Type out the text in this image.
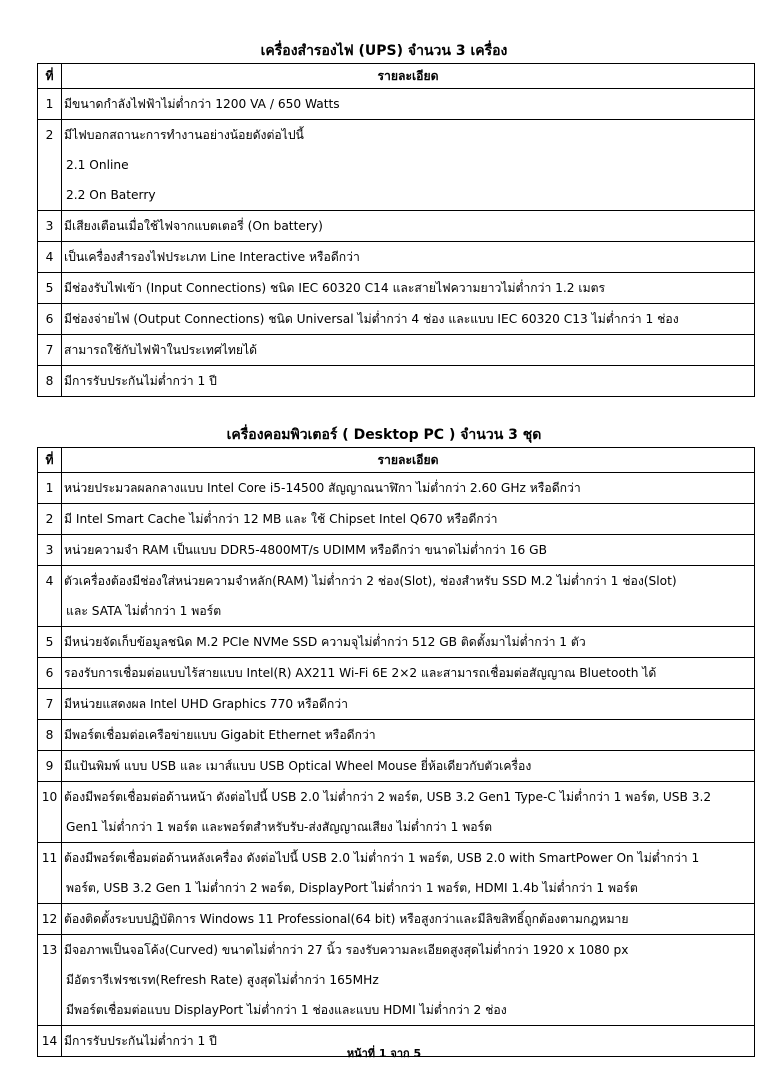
เครื่องสำรองไฟ (UPS) จำนวน 3 เครื่อง
ที่	รายละเอียด

1	มีขนาดกำลังไฟฟ้าไม่ต่ำกว่า 1200 VA / 650 Watts

2	มีไฟบอกสถานะการทำงานอย่างน้อยดังต่อไปนี้
2.1 Online
2.2 On Baterry

3	มีเสียงเตือนเมื่อใช้ไฟจากแบตเตอรี่ (On battery)

4	เป็นเครื่องสำรองไฟประเภท Line Interactive หรือดีกว่า

5	มีช่องรับไฟเข้า (Input Connections) ชนิด IEC 60320 C14 และสายไฟความยาวไม่ต่ำกว่า 1.2 เมตร

6	มีช่องจ่ายไฟ (Output Connections) ชนิด Universal ไม่ต่ำกว่า 4 ช่อง และแบบ IEC 60320 C13 ไม่ต่ำกว่า 1 ช่อง

7	สามารถใช้กับไฟฟ้าในประเทศไทยได้

8	มีการรับประกันไม่ต่ำกว่า 1 ปี
เครื่องคอมพิวเตอร์ ( Desktop PC ) จำนวน 3 ชุด
ที่	รายละเอียด

1	หน่วยประมวลผลกลางแบบ Intel Core i5-14500 สัญญาณนาฬิกา ไม่ต่ำกว่า 2.60 GHz หรือดีกว่า

2	มี Intel Smart Cache ไม่ต่ำกว่า 12 MB และ ใช้ Chipset Intel Q670 หรือดีกว่า

3	หน่วยความจำ RAM เป็นแบบ DDR5-4800MT/s UDIMM หรือดีกว่า ขนาดไม่ต่ำกว่า 16 GB

4	ตัวเครื่องต้องมีช่องใส่หน่วยความจำหลัก(RAM) ไม่ต่ำกว่า 2 ช่อง(Slot), ช่องสำหรับ SSD M.2 ไม่ต่ำกว่า 1 ช่อง(Slot)
และ SATA ไม่ต่ำกว่า 1 พอร์ต

5	มีหน่วยจัดเก็บข้อมูลชนิด M.2 PCIe NVMe SSD ความจุไม่ต่ำกว่า 512 GB ติดตั้งมาไม่ต่ำกว่า 1 ตัว

6	รองรับการเชื่อมต่อแบบไร้สายแบบ Intel(R) AX211 Wi-Fi 6E 2×2 และสามารถเชื่อมต่อสัญญาณ Bluetooth ได้

7	มีหน่วยแสดงผล Intel UHD Graphics 770 หรือดีกว่า

8	มีพอร์ตเชื่อมต่อเครือข่ายแบบ Gigabit Ethernet หรือดีกว่า

9	มีแป้นพิมพ์ แบบ USB และ เมาส์แบบ USB Optical Wheel Mouse ยี่ห้อเดียวกับตัวเครื่อง

10	ต้องมีพอร์ตเชื่อมต่อด้านหน้า ดังต่อไปนี้ USB 2.0 ไม่ต่ำกว่า 2 พอร์ต, USB 3.2 Gen1 Type-C ไม่ต่ำกว่า 1 พอร์ต, USB 3.2
Gen1 ไม่ต่ำกว่า 1 พอร์ต และพอร์ตสำหรับรับ-ส่งสัญญาณเสียง ไม่ต่ำกว่า 1 พอร์ต

11	ต้องมีพอร์ตเชื่อมต่อด้านหลังเครื่อง ดังต่อไปนี้ USB 2.0 ไม่ต่ำกว่า 1 พอร์ต, USB 2.0 with SmartPower On ไม่ต่ำกว่า 1
พอร์ต, USB 3.2 Gen 1 ไม่ต่ำกว่า 2 พอร์ต, DisplayPort ไม่ต่ำกว่า 1 พอร์ต, HDMI 1.4b ไม่ต่ำกว่า 1 พอร์ต

12	ต้องติดตั้งระบบปฏิบัติการ Windows 11 Professional(64 bit) หรือสูงกว่าและมีลิขสิทธิ์ถูกต้องตามกฎหมาย

13	มีจอภาพเป็นจอโค้ง(Curved) ขนาดไม่ต่ำกว่า 27 นิ้ว รองรับความละเอียดสูงสุดไม่ต่ำกว่า 1920 x 1080 px
มีอัตรารีเฟรชเรท(Refresh Rate) สูงสุดไม่ต่ำกว่า 165MHz
มีพอร์ตเชื่อมต่อแบบ DisplayPort ไม่ต่ำกว่า 1 ช่องและแบบ HDMI ไม่ต่ำกว่า 2 ช่อง

14	มีการรับประกันไม่ต่ำกว่า 1 ปี
หน้าที่ 1 จาก 5
